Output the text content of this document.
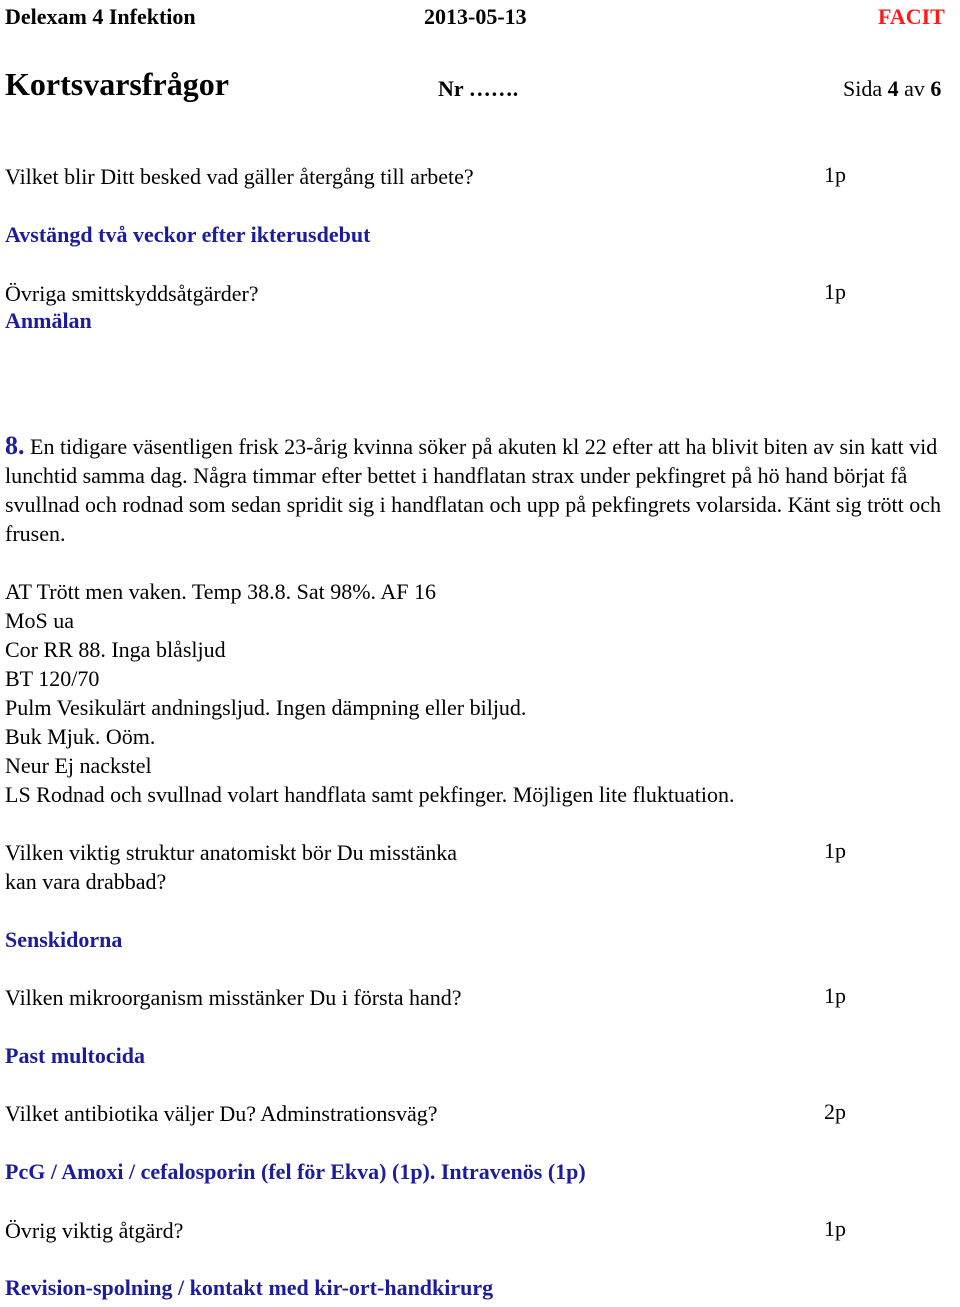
Delexam 4 Infektion	2013-05-13	FACIT
Kortsvarsfrågor	Nr …….	Sida 4 av 6
Vilket blir Ditt besked vad gäller återgång till arbete?	1p
Avstängd två veckor efter ikterusdebut
Övriga smittskyddsåtgärder?	1p
Anmälan
8. En tidigare väsentligen frisk 23-årig kvinna söker på akuten kl 22 efter att ha blivit biten av sin katt vid lunchtid samma dag. Några timmar efter bettet i handflatan strax under pekfingret på hö hand börjat få svullnad och rodnad som sedan spridit sig i handflatan och upp på pekfingrets volarsida. Känt sig trött och frusen.
AT Trött men vaken. Temp 38.8. Sat 98%. AF 16
MoS ua
Cor RR 88. Inga blåsljud
BT 120/70
Pulm Vesikulärt andningsljud. Ingen dämpning eller biljud.
Buk Mjuk. Oöm.
Neur Ej nackstel
LS Rodnad och svullnad volart handflata samt pekfinger. Möjligen lite fluktuation.
Vilken viktig struktur anatomiskt bör Du misstänka
kan vara drabbad?
1p
Senskidorna
Vilken mikroorganism misstänker Du i första hand?	1p
Past multocida
Vilket antibiotika väljer Du? Adminstrationsväg?	2p
PcG / Amoxi / cefalosporin (fel för Ekva) (1p). Intravenös (1p)
Övrig viktig åtgärd?	1p
Revision-spolning / kontakt med kir-ort-handkirurg
